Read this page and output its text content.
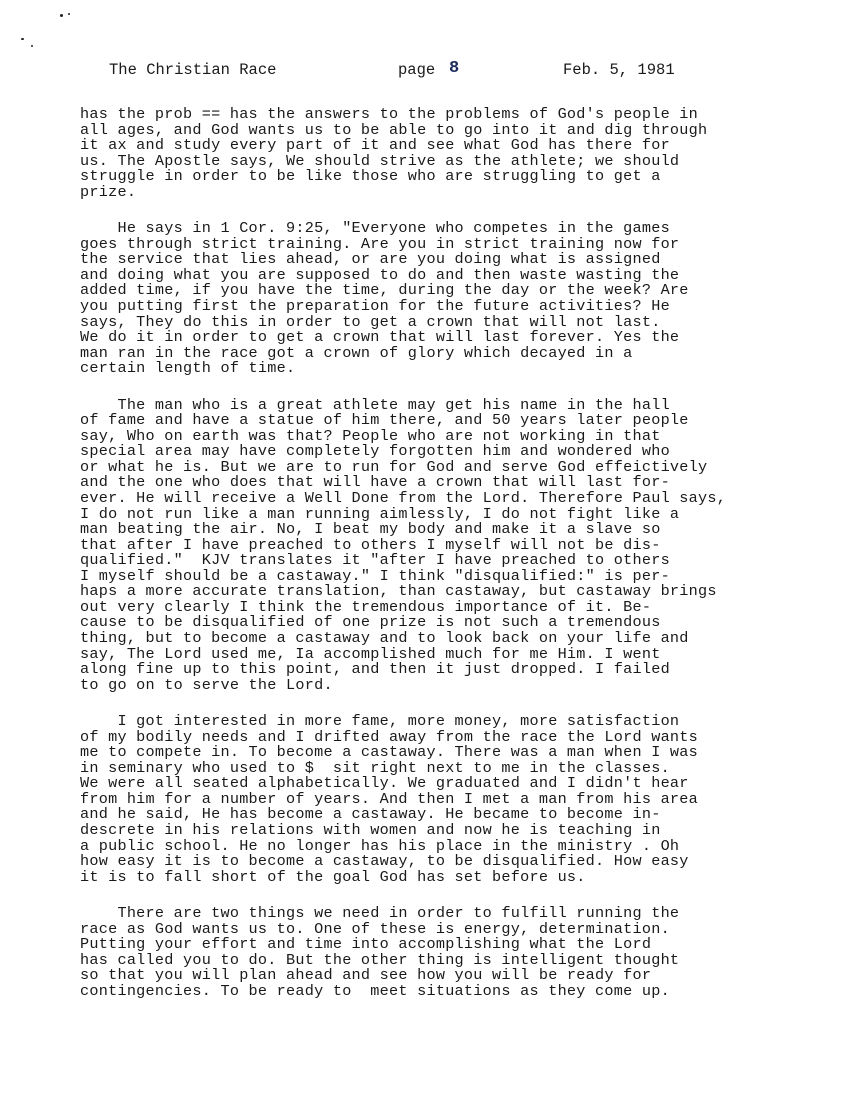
The Christian Race	page 8	Feb. 5, 1981
has the prob == has the answers to the problems of God's people in
all ages, and God wants us to be able to go into it and dig through
it ax and study every part of it and see what God has there for
us. The Apostle says, We should strive as the athlete; we should
struggle in order to be like those who are struggling to get a
prize.
He says in 1 Cor. 9:25, "Everyone who competes in the games
goes through strict training. Are you in strict training now for
the service that lies ahead, or are you doing what is assigned
and doing what you are supposed to do and then waste wasting the
added time, if you have the time, during the day or the week? Are
you putting first the preparation for the future activities? He
says, They do this in order to get a crown that will not last.
We do it in order to get a crown that will last forever. Yes the
man ran in the race got a crown of glory which decayed in a
certain length of time.
The man who is a great athlete may get his name in the hall
of fame and have a statue of him there, and 50 years later people
say, Who on earth was that? People who are not working in that
special area may have completely forgotten him and wondered who
or what he is. But we are to run for God and serve God effeictively
and the one who does that will have a crown that will last for-
ever. He will receive a Well Done from the Lord. Therefore Paul says,
I do not run like a man running aimlessly, I do not fight like a
man beating the air. No, I beat my body and make it a slave so
that after I have preached to others I myself will not be dis-
qualified."  KJV translates it "after I have preached to others
I myself should be a castaway." I think "disqualified:" is per-
haps a more accurate translation, than castaway, but castaway brings
out very clearly I think the tremendous importance of it. Be-
cause to be disqualified of one prize is not such a tremendous
thing, but to become a castaway and to look back on your life and
say, The Lord used me, Ia accomplished much for me Him. I went
along fine up to this point, and then it just dropped. I failed
to go on to serve the Lord.
I got interested in more fame, more money, more satisfaction
of my bodily needs and I drifted away from the race the Lord wants
me to compete in. To become a castaway. There was a man when I was
in seminary who used to $  sit right next to me in the classes.
We were all seated alphabetically. We graduated and I didn't hear
from him for a number of years. And then I met a man from his area
and he said, He has become a castaway. He became to become in-
descrete in his relations with women and now he is teaching in
a public school. He no longer has his place in the ministry . Oh
how easy it is to become a castaway, to be disqualified. How easy
it is to fall short of the goal God has set before us.
There are two things we need in order to fulfill running the
race as God wants us to. One of these is energy, determination.
Putting your effort and time into accomplishing what the Lord
has called you to do. But the other thing is intelligent thought
so that you will plan ahead and see how you will be ready for
contingencies. To be ready to  meet situations as they come up.
